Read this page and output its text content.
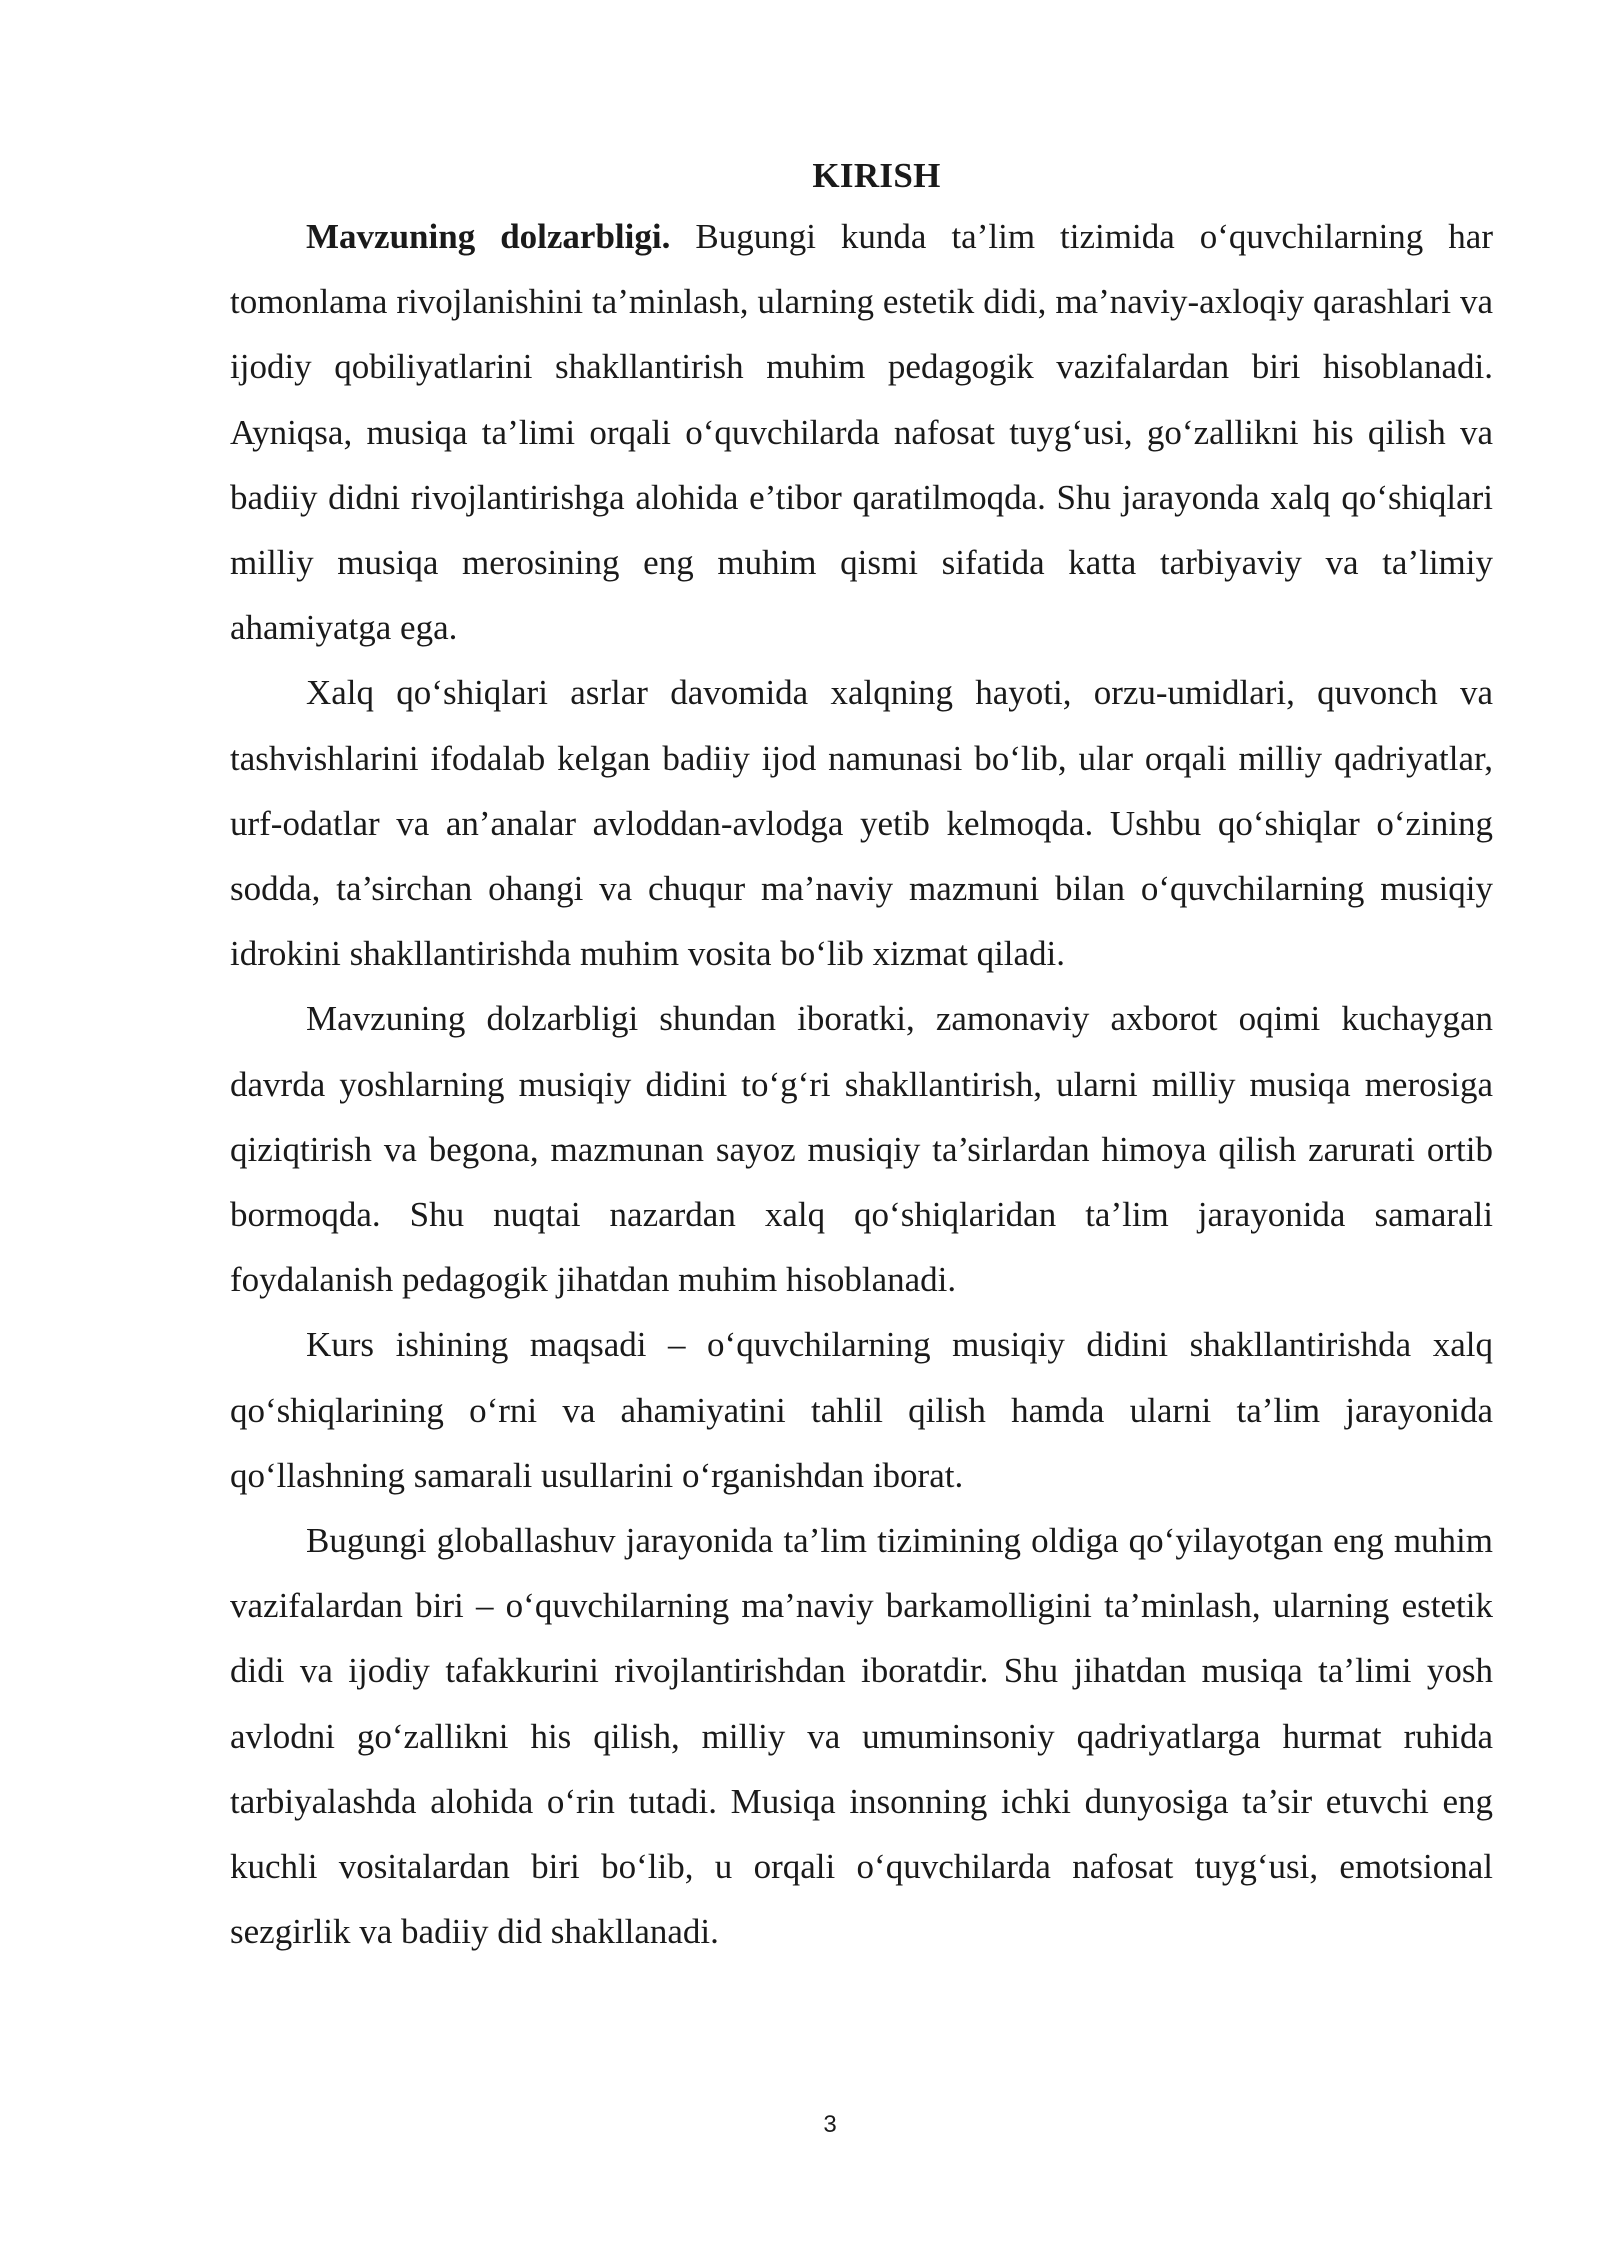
KIRISH

Mavzuning dolzarbligi. Bugungi kunda ta’lim tizimida o‘quvchilarning har tomonlama rivojlanishini ta’minlash, ularning estetik didi, ma’naviy-axloqiy qarashlari va ijodiy qobiliyatlarini shakllantirish muhim pedagogik vazifalardan biri hisoblanadi. Ayniqsa, musiqa ta’limi orqali o‘quvchilarda nafosat tuyg‘usi, go‘zallikni his qilish va badiiy didni rivojlantirishga alohida e’tibor qaratilmoqda. Shu jarayonda xalq qo‘shiqlari milliy musiqa merosining eng muhim qismi sifatida katta tarbiyaviy va ta’limiy ahamiyatga ega.

Xalq qo‘shiqlari asrlar davomida xalqning hayoti, orzu-umidlari, quvonch va tashvishlarini ifodalab kelgan badiiy ijod namunasi bo‘lib, ular orqali milliy qadriyatlar, urf-odatlar va an’analar avloddan-avlodga yetib kelmoqda. Ushbu qo‘shiqlar o‘zining sodda, ta’sirchan ohangi va chuqur ma’naviy mazmuni bilan o‘quvchilarning musiqiy idrokini shakllantirishda muhim vosita bo‘lib xizmat qiladi.

Mavzuning dolzarbligi shundan iboratki, zamonaviy axborot oqimi kuchaygan davrda yoshlarning musiqiy didini to‘g‘ri shakllantirish, ularni milliy musiqa merosiga qiziqtirish va begona, mazmunan sayoz musiqiy ta’sirlardan himoya qilish zarurati ortib bormoqda. Shu nuqtai nazardan xalq qo‘shiqlaridan ta’lim jarayonida samarali foydalanish pedagogik jihatdan muhim hisoblanadi.

Kurs ishining maqsadi – o‘quvchilarning musiqiy didini shakllantirishda xalq qo‘shiqlarining o‘rni va ahamiyatini tahlil qilish hamda ularni ta’lim jarayonida qo‘llashning samarali usullarini o‘rganishdan iborat.

Bugungi globallashuv jarayonida ta’lim tizimining oldiga qo‘yilayotgan eng muhim vazifalardan biri – o‘quvchilarning ma’naviy barkamolligini ta’minlash, ularning estetik didi va ijodiy tafakkurini rivojlantirishdan iboratdir. Shu jihatdan musiqa ta’limi yosh avlodni go‘zallikni his qilish, milliy va umuminsoniy qadriyatlarga hurmat ruhida tarbiyalashda alohida o‘rin tutadi. Musiqa insonning ichki dunyosiga ta’sir etuvchi eng kuchli vositalardan biri bo‘lib, u orqali o‘quvchilarda nafosat tuyg‘usi, emotsional sezgirlik va badiiy did shakllanadi.

3
